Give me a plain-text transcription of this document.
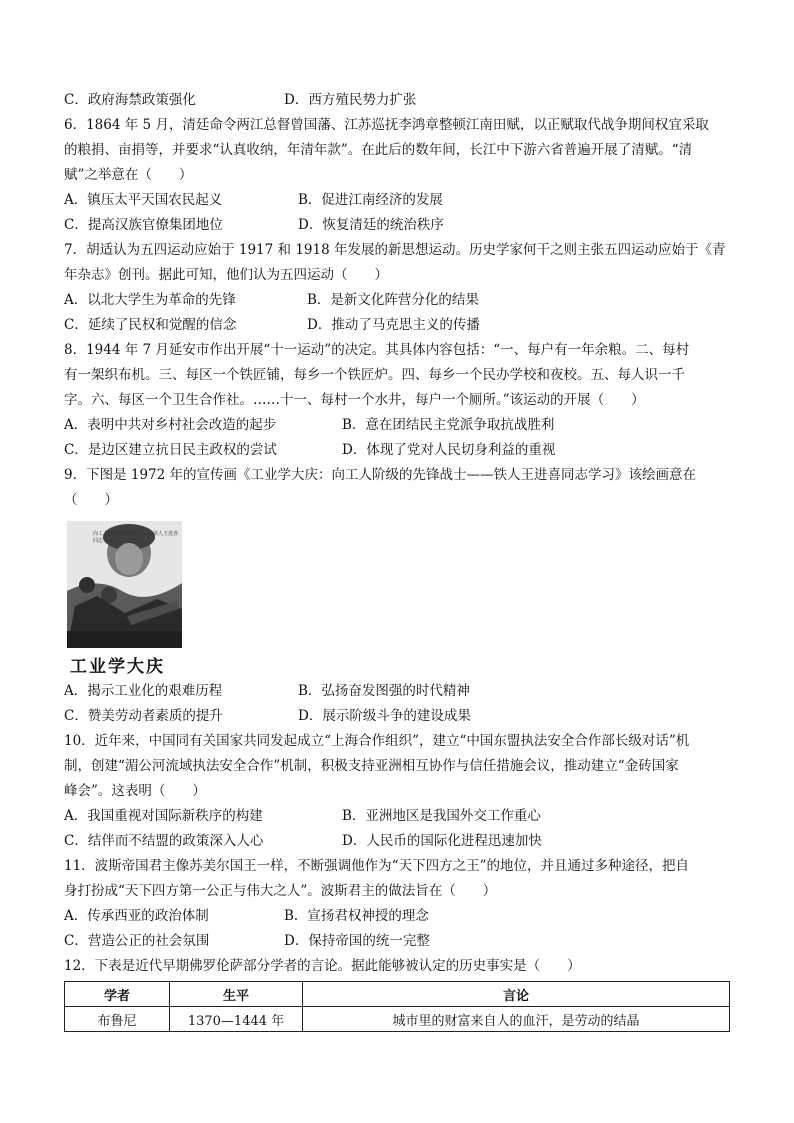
C．政府海禁政策强化	D．西方殖民势力扩张
6．1864 年 5 月，清廷命令两江总督曾国藩、江苏巡抚李鸿章整顿江南田赋，以正赋取代战争期间权宜采取
的粮捐、亩捐等，并要求“认真收纳，年清年款”。在此后的数年间，长江中下游六省普遍开展了清赋。“清
赋”之举意在（　　）
A．镇压太平天国农民起义	B．促进江南经济的发展
C．提高汉族官僚集团地位	D．恢复清廷的统治秩序
7．胡适认为五四运动应始于 1917 和 1918 年发展的新思想运动。历史学家何干之则主张五四运动应始于《青
年杂志》创刊。据此可知，他们认为五四运动（　　）
A．以北大学生为革命的先锋	B．是新文化阵营分化的结果
C．延续了民权和觉醒的信念	D．推动了马克思主义的传播
8．1944 年 7 月延安市作出开展“十一运动”的决定。其具体内容包括：“一、每户有一年余粮。二、每村
有一架织布机。三、每区一个铁匠铺，每乡一个铁匠炉。四、每乡一个民办学校和夜校。五、每人识一千
字。六、每区一个卫生合作社。……十一、每村一个水井，每户一个厕所。”该运动的开展（　　）
A．表明中共对乡村社会改造的起步	B．意在团结民主党派争取抗战胜利
C．是边区建立抗日民主政权的尝试	D．体现了党对人民切身利益的重视
9．下图是 1972 年的宣传画《工业学大庆：向工人阶级的先锋战士——铁人王进喜同志学习》该绘画意在
（　　）
向工人阶级的先锋战士——铁人王进喜同志学习
工业学大庆
A．揭示工业化的艰难历程	B．弘扬奋发图强的时代精神
C．赞美劳动者素质的提升	D．展示阶级斗争的建设成果
10．近年来，中国同有关国家共同发起成立“上海合作组织”，建立“中国东盟执法安全合作部长级对话”机
制，创建“湄公河流域执法安全合作”机制，积极支持亚洲相互协作与信任措施会议，推动建立“金砖国家
峰会”。这表明（　　）
A．我国重视对国际新秩序的构建	B．亚洲地区是我国外交工作重心
C．结伴而不结盟的政策深入人心	D．人民币的国际化进程迅速加快
11．波斯帝国君主像苏美尔国王一样，不断强调他作为“天下四方之王”的地位，并且通过多种途径，把自
身打扮成“天下四方第一公正与伟大之人”。波斯君主的做法旨在（　　）
A．传承西亚的政治体制	B．宣扬君权神授的理念
C．营造公正的社会氛围	D．保持帝国的统一完整
12．下表是近代早期佛罗伦萨部分学者的言论。据此能够被认定的历史事实是（　　）
学者	生平	言论
布鲁尼	1370—1444 年	城市里的财富来自人的血汗，是劳动的结晶
